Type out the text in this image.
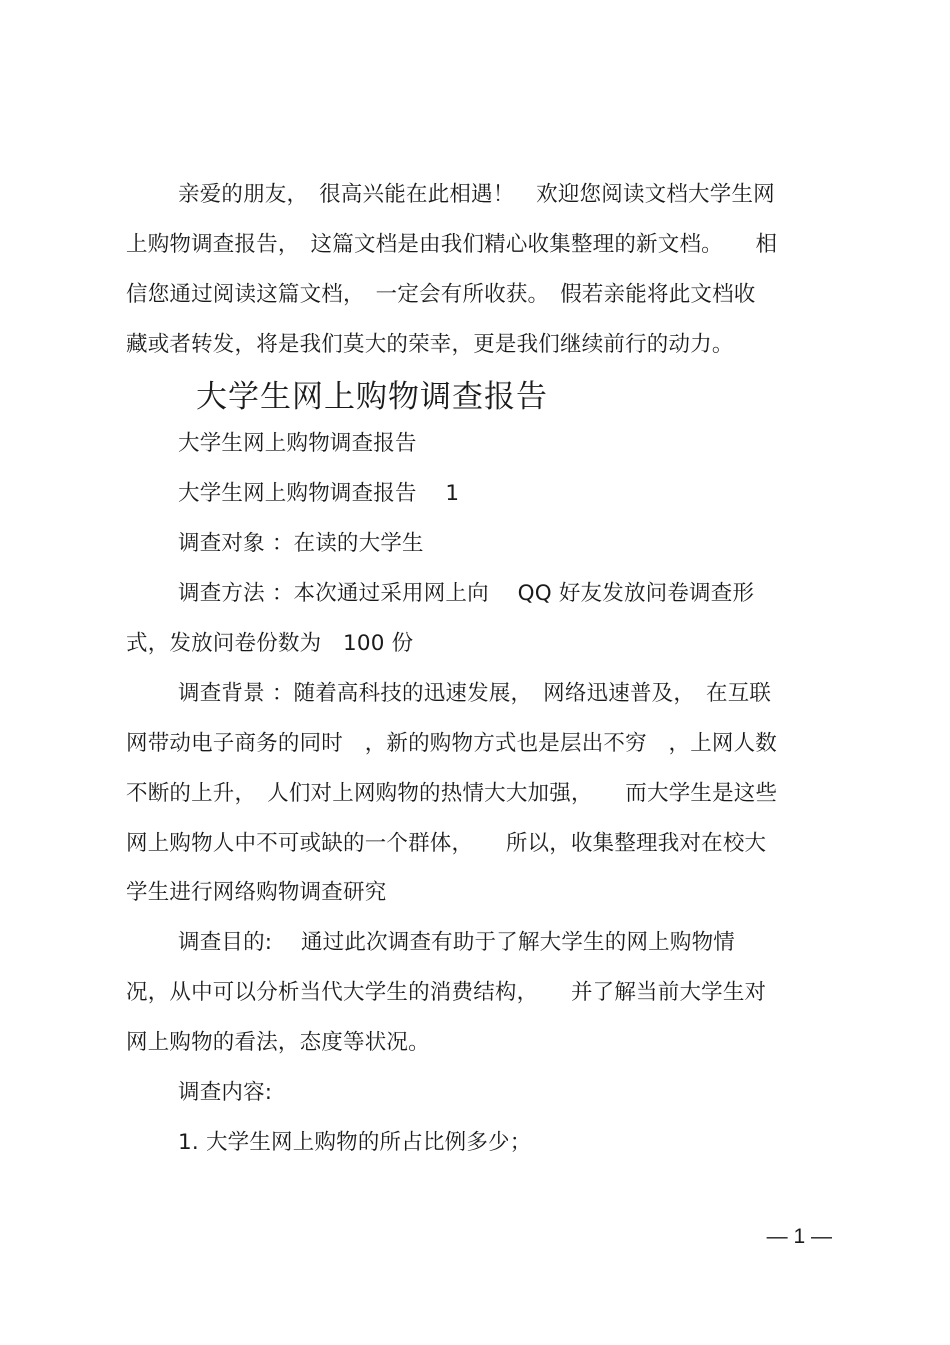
亲爱的朋友，　很高兴能在此相遇！　欢迎您阅读文档大学生网
上购物调查报告，　这篇文档是由我们精心收集整理的新文档。　　相
信您通过阅读这篇文档，　一定会有所收获。　假若亲能将此文档收
藏或者转发，将是我们莫大的荣幸，更是我们继续前行的动力。
大学生网上购物调查报告
大学生网上购物调查报告
大学生网上购物调查报告　 1
调查对象 ：在读的大学生
调查方法 ：本次通过采用网上向　 QQ 好友发放问卷调查形
式，发放问卷份数为　100 份
调查背景 ：随着高科技的迅速发展，　网络迅速普及，　在互联
网带动电子商务的同时　，新的购物方式也是层出不穷　，上网人数
不断的上升，　人们对上网购物的热情大大加强，　　而大学生是这些
网上购物人中不可或缺的一个群体，　　所以，收集整理我对在校大
学生进行网络购物调查研究
调查目的:　 通过此次调查有助于了解大学生的网上购物情
况，从中可以分析当代大学生的消费结构，　　并了解当前大学生对
网上购物的看法，态度等状况。
调查内容:
1. 大学生网上购物的所占比例多少；
— 1 —
